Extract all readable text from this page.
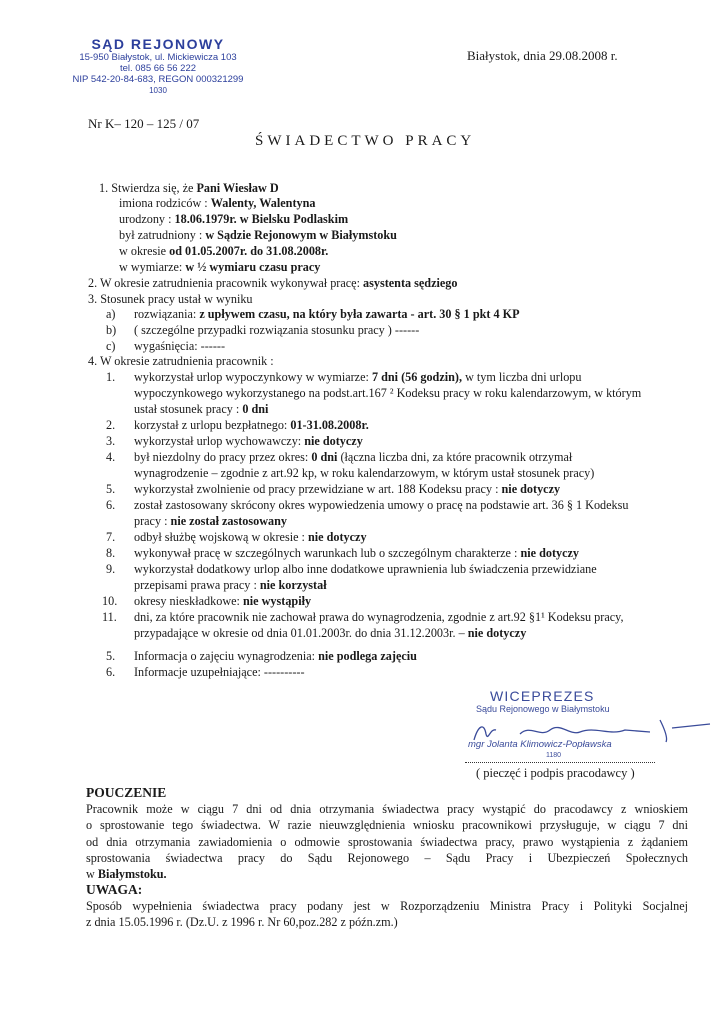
SĄD REJONOWY
15-950 Białystok, ul. Mickiewicza 103
tel. 085 66 56 222
NIP 542-20-84-683, REGON 000321299
1030
Białystok, dnia 29.08.2008 r.
Nr K– 120 – 125 / 07
ŚWIADECTWO PRACY
1. Stwierdza się, że Pani Wiesław D
imiona rodziców : Walenty, Walentyna
urodzony : 18.06.1979r. w Bielsku Podlaskim
był zatrudniony : w Sądzie Rejonowym w Białymstoku
w okresie od 01.05.2007r. do 31.08.2008r.
w wymiarze: w ½ wymiaru czasu pracy
2. W okresie zatrudnienia pracownik wykonywał pracę: asystenta sędziego
3. Stosunek pracy ustał w wyniku
a) rozwiązania: z upływem czasu, na który była zawarta - art. 30 § 1 pkt 4 KP
b) ( szczególne przypadki rozwiązania stosunku pracy ) ------
c) wygaśnięcia: ------
4. W okresie zatrudnienia pracownik :
1. wykorzystał urlop wypoczynkowy w wymiarze: 7 dni (56 godzin), w tym liczba dni urlopu
wypoczynkowego wykorzystanego na podst.art.167 ² Kodeksu pracy w roku kalendarzowym, w którym
ustał stosunek pracy : 0 dni
2. korzystał z urlopu bezpłatnego: 01-31.08.2008r.
3. wykorzystał urlop wychowawczy: nie dotyczy
4. był niezdolny do pracy przez okres: 0 dni (łączna liczba dni, za które pracownik otrzymał
wynagrodzenie – zgodnie z art.92 kp, w roku kalendarzowym, w którym ustał stosunek pracy)
5. wykorzystał zwolnienie od pracy przewidziane w art. 188 Kodeksu pracy : nie dotyczy
6. został zastosowany skrócony okres wypowiedzenia umowy o pracę na podstawie art. 36 § 1 Kodeksu
pracy : nie został zastosowany
7. odbył służbę wojskową w okresie : nie dotyczy
8. wykonywał pracę w szczególnych warunkach lub o szczególnym charakterze : nie dotyczy
9. wykorzystał dodatkowy urlop albo inne dodatkowe uprawnienia lub świadczenia przewidziane
przepisami prawa pracy : nie korzystał
10. okresy nieskładkowe: nie wystąpiły
11. dni, za które pracownik nie zachował prawa do wynagrodzenia, zgodnie z art.92 §1¹ Kodeksu pracy,
przypadające w okresie od dnia 01.01.2003r. do dnia 31.12.2003r. – nie dotyczy
5. Informacja o zajęciu wynagrodzenia: nie podlega zajęciu
6. Informacje uzupełniające: ----------
WICEPREZES
Sądu Rejonowego w Białymstoku
mgr Jolanta Klimowicz-Popławska
1180
( pieczęć i podpis pracodawcy )
POUCZENIE
Pracownik może w ciągu 7 dni od dnia otrzymania świadectwa pracy wystąpić do pracodawcy z wnioskiem
o sprostowanie tego świadectwa. W razie nieuwzględnienia wniosku pracownikowi przysługuje, w ciągu 7 dni
od dnia otrzymania zawiadomienia o odmowie sprostowania świadectwa pracy, prawo wystąpienia z żądaniem
sprostowania świadectwa pracy do Sądu Rejonowego – Sądu Pracy i Ubezpieczeń Społecznych
w Białymstoku.
UWAGA:
Sposób wypełnienia świadectwa pracy podany jest w Rozporządzeniu Ministra Pracy i Polityki Socjalnej
z dnia 15.05.1996 r. (Dz.U. z 1996 r. Nr 60,poz.282 z późn.zm.)
